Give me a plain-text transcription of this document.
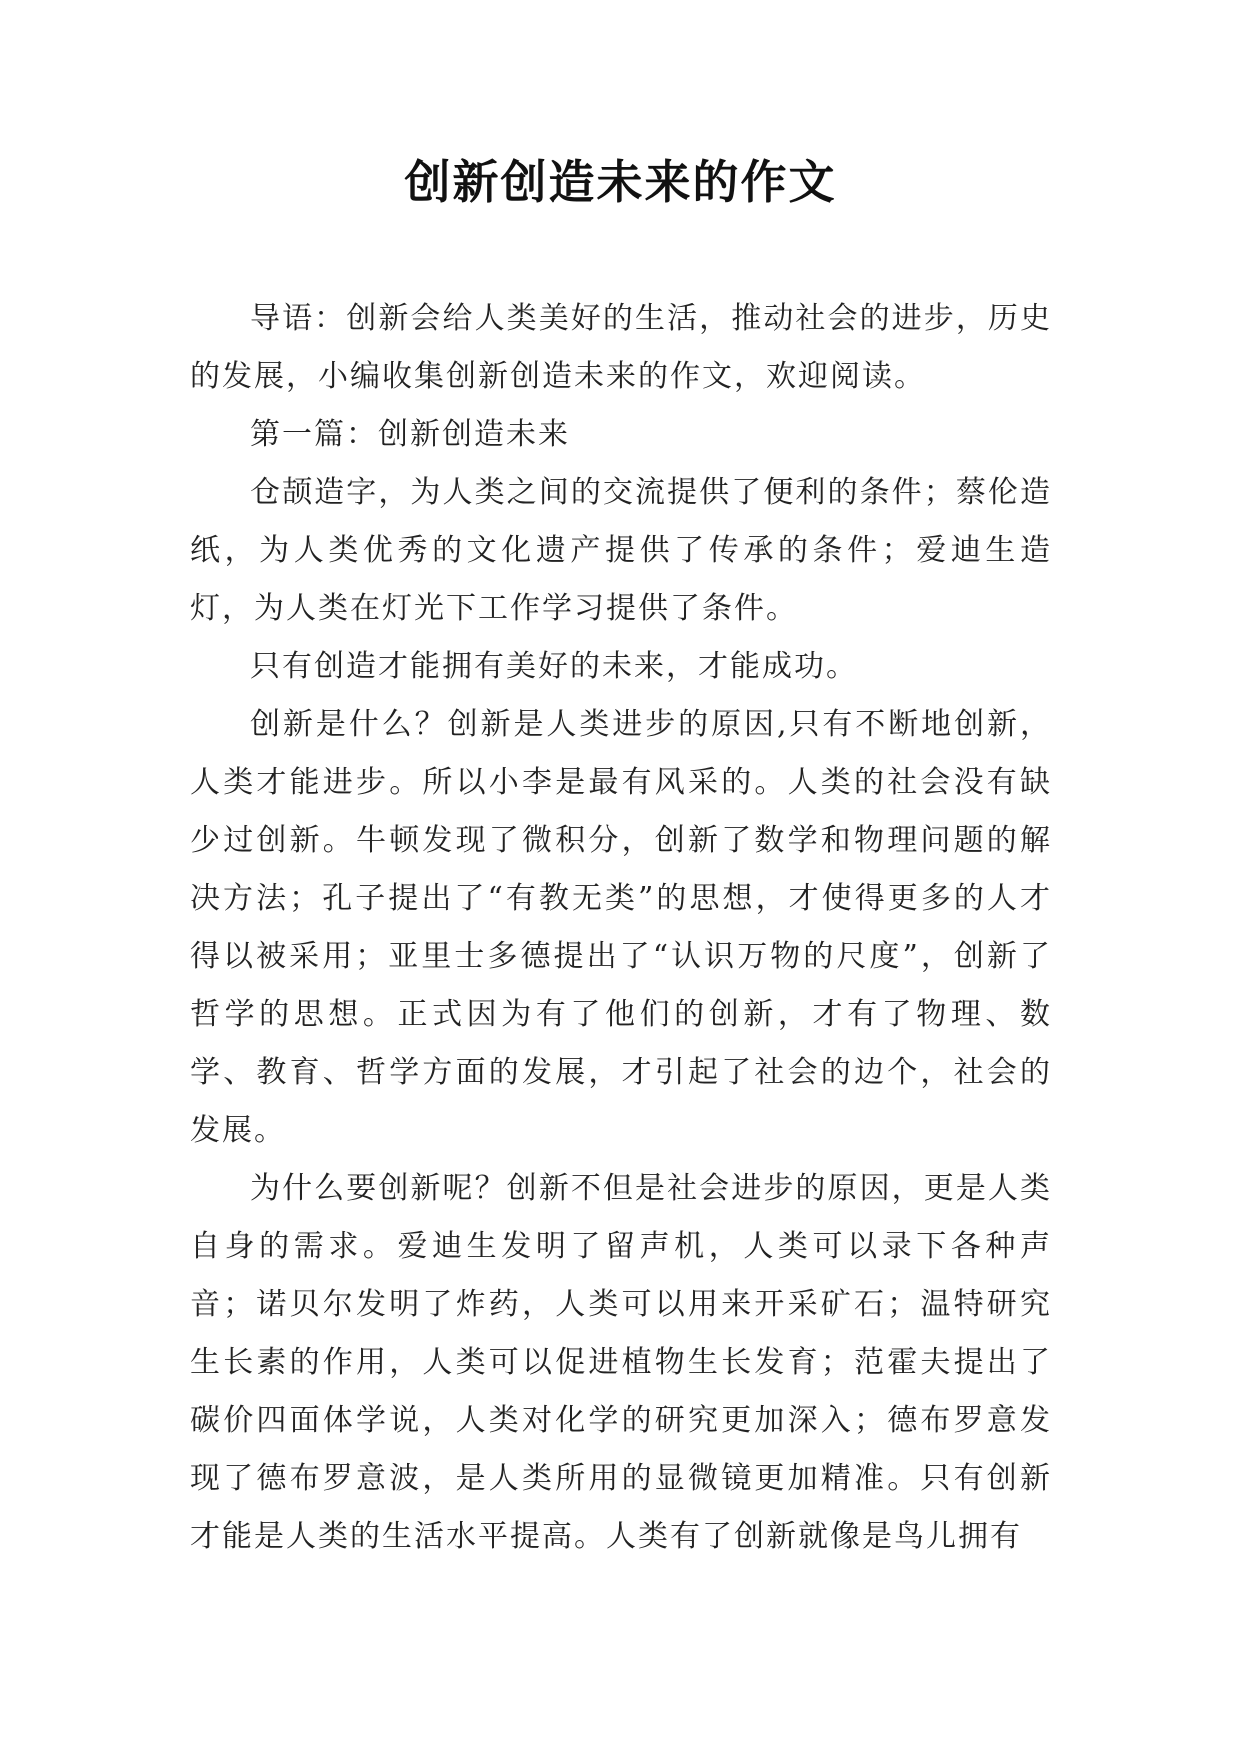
创新创造未来的作文

导语：创新会给人类美好的生活，推动社会的进步，历史的发展，小编收集创新创造未来的作文，欢迎阅读。

第一篇：创新创造未来

仓颉造字，为人类之间的交流提供了便利的条件；蔡伦造纸，为人类优秀的文化遗产提供了传承的条件；爱迪生造灯，为人类在灯光下工作学习提供了条件。

只有创造才能拥有美好的未来，才能成功。

创新是什么？创新是人类进步的原因,只有不断地创新，人类才能进步。所以小李是最有风采的。人类的社会没有缺少过创新。牛顿发现了微积分，创新了数学和物理问题的解决方法；孔子提出了“有教无类”的思想，才使得更多的人才得以被采用；亚里士多德提出了“认识万物的尺度”，创新了哲学的思想。正式因为有了他们的创新，才有了物理、数学、教育、哲学方面的发展，才引起了社会的边个，社会的发展。

为什么要创新呢？创新不但是社会进步的原因，更是人类自身的需求。爱迪生发明了留声机，人类可以录下各种声音；诺贝尔发明了炸药，人类可以用来开采矿石；温特研究生长素的作用，人类可以促进植物生长发育；范霍夫提出了碳价四面体学说，人类对化学的研究更加深入；德布罗意发现了德布罗意波，是人类所用的显微镜更加精准。只有创新才能是人类的生活水平提高。人类有了创新就像是鸟儿拥有
